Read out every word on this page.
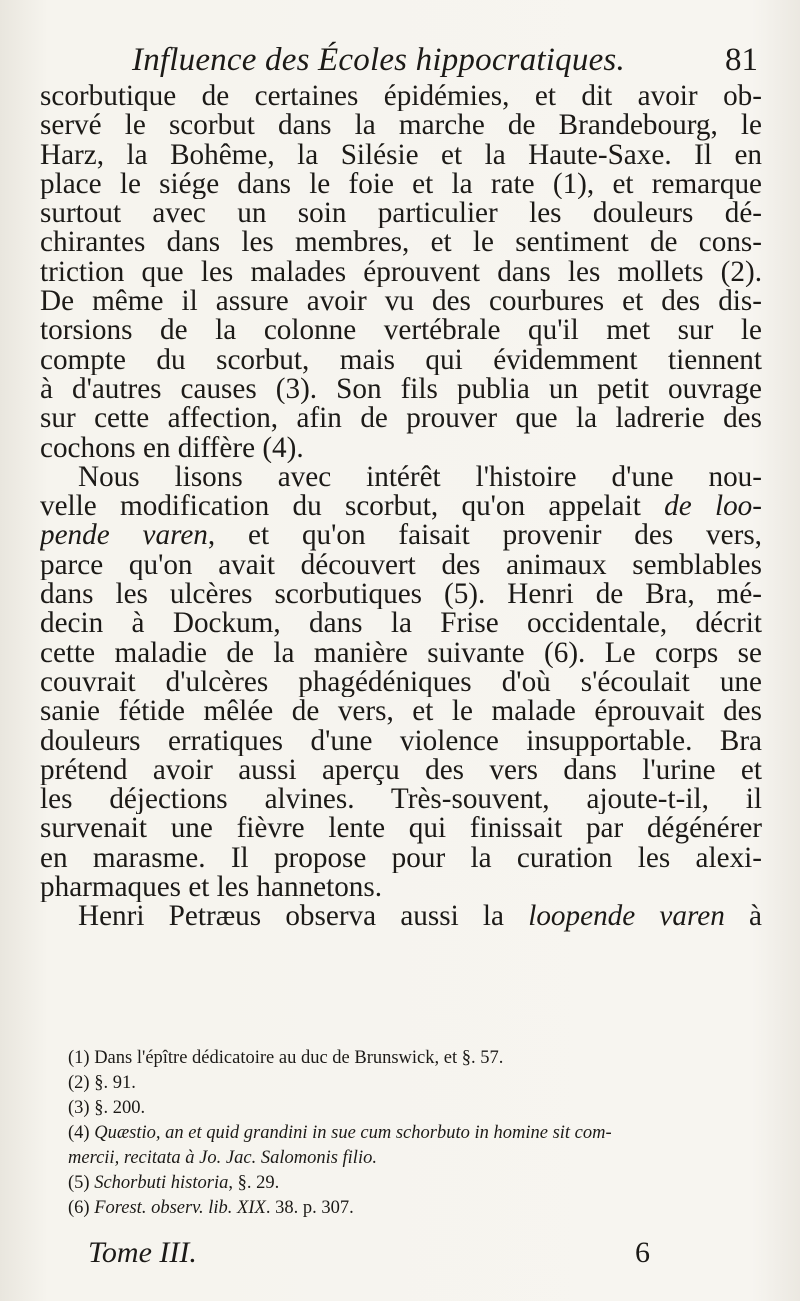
Influence des Écoles hippocratiques.	81
scorbutique de certaines épidémies, et dit avoir ob-
servé le scorbut dans la marche de Brandebourg, le
Harz, la Bohême, la Silésie et la Haute-Saxe. Il en
place le siége dans le foie et la rate (1), et remarque
surtout avec un soin particulier les douleurs dé-
chirantes dans les membres, et le sentiment de cons-
triction que les malades éprouvent dans les mollets (2).
De même il assure avoir vu des courbures et des dis-
torsions de la colonne vertébrale qu'il met sur le
compte du scorbut, mais qui évidemment tiennent
à d'autres causes (3). Son fils publia un petit ouvrage
sur cette affection, afin de prouver que la ladrerie des
cochons en diffère (4).
Nous lisons avec intérêt l'histoire d'une nou-
velle modification du scorbut, qu'on appelait de loo-
pende varen, et qu'on faisait provenir des vers,
parce qu'on avait découvert des animaux semblables
dans les ulcères scorbutiques (5). Henri de Bra, mé-
decin à Dockum, dans la Frise occidentale, décrit
cette maladie de la manière suivante (6). Le corps se
couvrait d'ulcères phagédéniques d'où s'écoulait une
sanie fétide mêlée de vers, et le malade éprouvait des
douleurs erratiques d'une violence insupportable. Bra
prétend avoir aussi aperçu des vers dans l'urine et
les déjections alvines. Très-souvent, ajoute-t-il, il
survenait une fièvre lente qui finissait par dégénérer
en marasme. Il propose pour la curation les alexi-
pharmaques et les hannetons.
Henri Petræus observa aussi la loopende varen à
(1) Dans l'épître dédicatoire au duc de Brunswick, et §. 57.
(2) §. 91.
(3) §. 200.
(4) Quæstio, an et quid grandini in sue cum schorbuto in homine sit com-
mercii, recitata à Jo. Jac. Salomonis filio.
(5) Schorbuti historia, §. 29.
(6) Forest. observ. lib. XIX. 38. p. 307.
Tome III.	6
